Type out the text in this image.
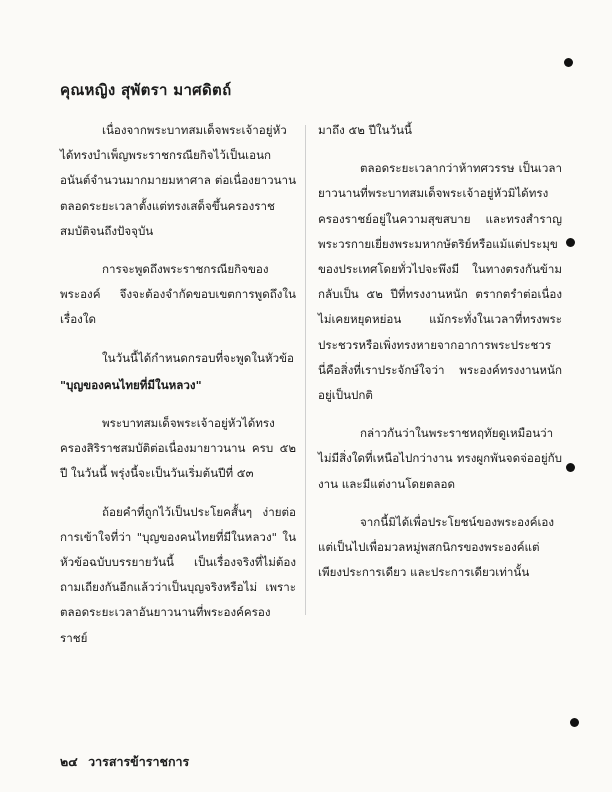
คุณหญิง สุพัตรา มาศดิตถ์

เนื่องจากพระบาทสมเด็จพระเจ้าอยู่หัวได้ทรงบำเพ็ญพระราชกรณียกิจไว้เป็นเอนกอนันต์จำนวนมากมายมหาศาล ต่อเนื่องยาวนานตลอดระยะเวลาตั้งแต่ทรงเสด็จขึ้นครองราชสมบัติจนถึงปัจจุบัน

การจะพูดถึงพระราชกรณียกิจของพระองค์ จึงจะต้องจำกัดขอบเขตการพูดถึงในเรื่องใด

ในวันนี้ได้กำหนดกรอบที่จะพูดในหัวข้อ

"บุญของคนไทยที่มีในหลวง"

พระบาทสมเด็จพระเจ้าอยู่หัวได้ทรงครองสิริราชสมบัติต่อเนื่องมายาวนาน ครบ ๕๒ ปี ในวันนี้ พรุ่งนี้จะเป็นวันเริ่มต้นปีที่ ๕๓

ถ้อยคำที่ถูกไว้เป็นประโยคสั้นๆ ง่ายต่อการเข้าใจที่ว่า "บุญของคนไทยที่มีในหลวง" ในหัวข้อฉบับบรรยายวันนี้ เป็นเรื่องจริงที่ไม่ต้องถามเถียงกันอีกแล้วว่าเป็นบุญจริงหรือไม่ เพราะตลอดระยะเวลาอันยาวนานที่พระองค์ครองราชย์

มาถึง ๕๒ ปีในวันนี้

ตลอดระยะเวลากว่าห้าทศวรรษ เป็นเวลายาวนานที่พระบาทสมเด็จพระเจ้าอยู่หัวมิได้ทรงครองราชย์อยู่ในความสุขสบาย และทรงสำราญพระวรกายเยี่ยงพระมหากษัตริย์หรือแม้แต่ประมุขของประเทศโดยทั่วไปจะพึงมี ในทางตรงกันข้ามกลับเป็น ๕๒ ปีที่ทรงงานหนัก ตรากตรำต่อเนื่องไม่เคยหยุดหย่อน แม้กระทั่งในเวลาที่ทรงพระประชวรหรือเพิ่งทรงหายจากอาการพระประชวร นี่คือสิ่งที่เราประจักษ์ใจว่า พระองค์ทรงงานหนักอยู่เป็นปกติ

กล่าวกันว่าในพระราชหฤทัยดูเหมือนว่าไม่มีสิ่งใดที่เหนือไปกว่างาน ทรงผูกพันจดจ่ออยู่กับงาน และมีแต่งานโดยตลอด

จากนี้มิได้เพื่อประโยชน์ของพระองค์เองแต่เป็นไปเพื่อมวลหมู่พสกนิกรของพระองค์แต่เพียงประการเดียว และประการเดียวเท่านั้น

๒๔ วารสารข้าราชการ
